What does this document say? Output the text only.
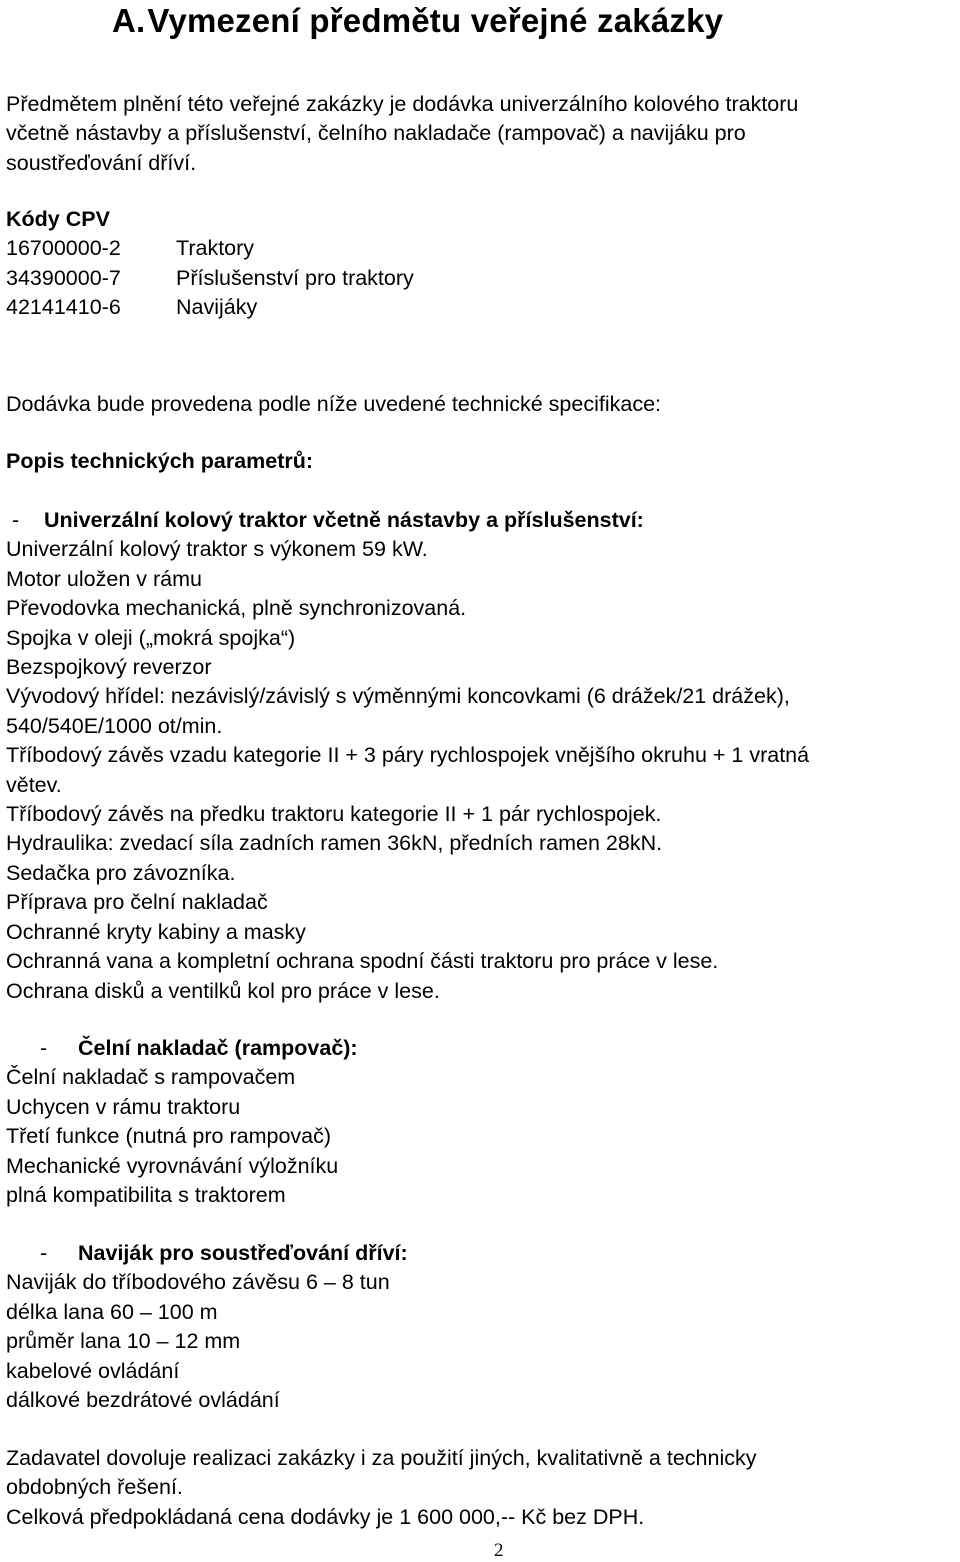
A.Vymezení předmětu veřejné zakázky
Předmětem plnění této veřejné zakázky je dodávka univerzálního kolového traktoru
včetně nástavby a příslušenství, čelního nakladače (rampovač) a navijáku pro
soustřeďování dříví.
Kódy CPV
16700000-2	Traktory
34390000-7	Příslušenství pro traktory
42141410-6	Navijáky
Dodávka bude provedena podle níže uvedené technické specifikace:
Popis technických parametrů:
- Univerzální kolový traktor včetně nástavby a příslušenství:
Univerzální kolový traktor s výkonem 59 kW.
Motor uložen v rámu
Převodovka mechanická, plně synchronizovaná.
Spojka v oleji („mokrá spojka“)
Bezspojkový reverzor
Vývodový hřídel: nezávislý/závislý s výměnnými koncovkami (6 drážek/21 drážek),
540/540E/1000 ot/min.
Tříbodový závěs vzadu kategorie II + 3 páry rychlospojek vnějšího okruhu + 1 vratná
větev.
Tříbodový závěs na předku traktoru kategorie II + 1 pár rychlospojek.
Hydraulika: zvedací síla zadních ramen 36kN, předních ramen 28kN.
Sedačka pro závozníka.
Příprava pro čelní nakladač
Ochranné kryty kabiny a masky
Ochranná vana a kompletní ochrana spodní části traktoru pro práce v lese.
Ochrana disků a ventilků kol pro práce v lese.
- Čelní nakladač (rampovač):
Čelní nakladač s rampovačem
Uchycen v rámu traktoru
Třetí funkce (nutná pro rampovač)
Mechanické vyrovnávání výložníku
plná kompatibilita s traktorem
- Naviják pro soustřeďování dříví:
Naviják do tříbodového závěsu 6 – 8 tun
délka lana 60 – 100 m
průměr lana 10 – 12 mm
kabelové ovládání
dálkové bezdrátové ovládání
Zadavatel dovoluje realizaci zakázky i za použití jiných, kvalitativně a technicky
obdobných řešení.
Celková předpokládaná cena dodávky je 1 600 000,-- Kč bez DPH.
2
